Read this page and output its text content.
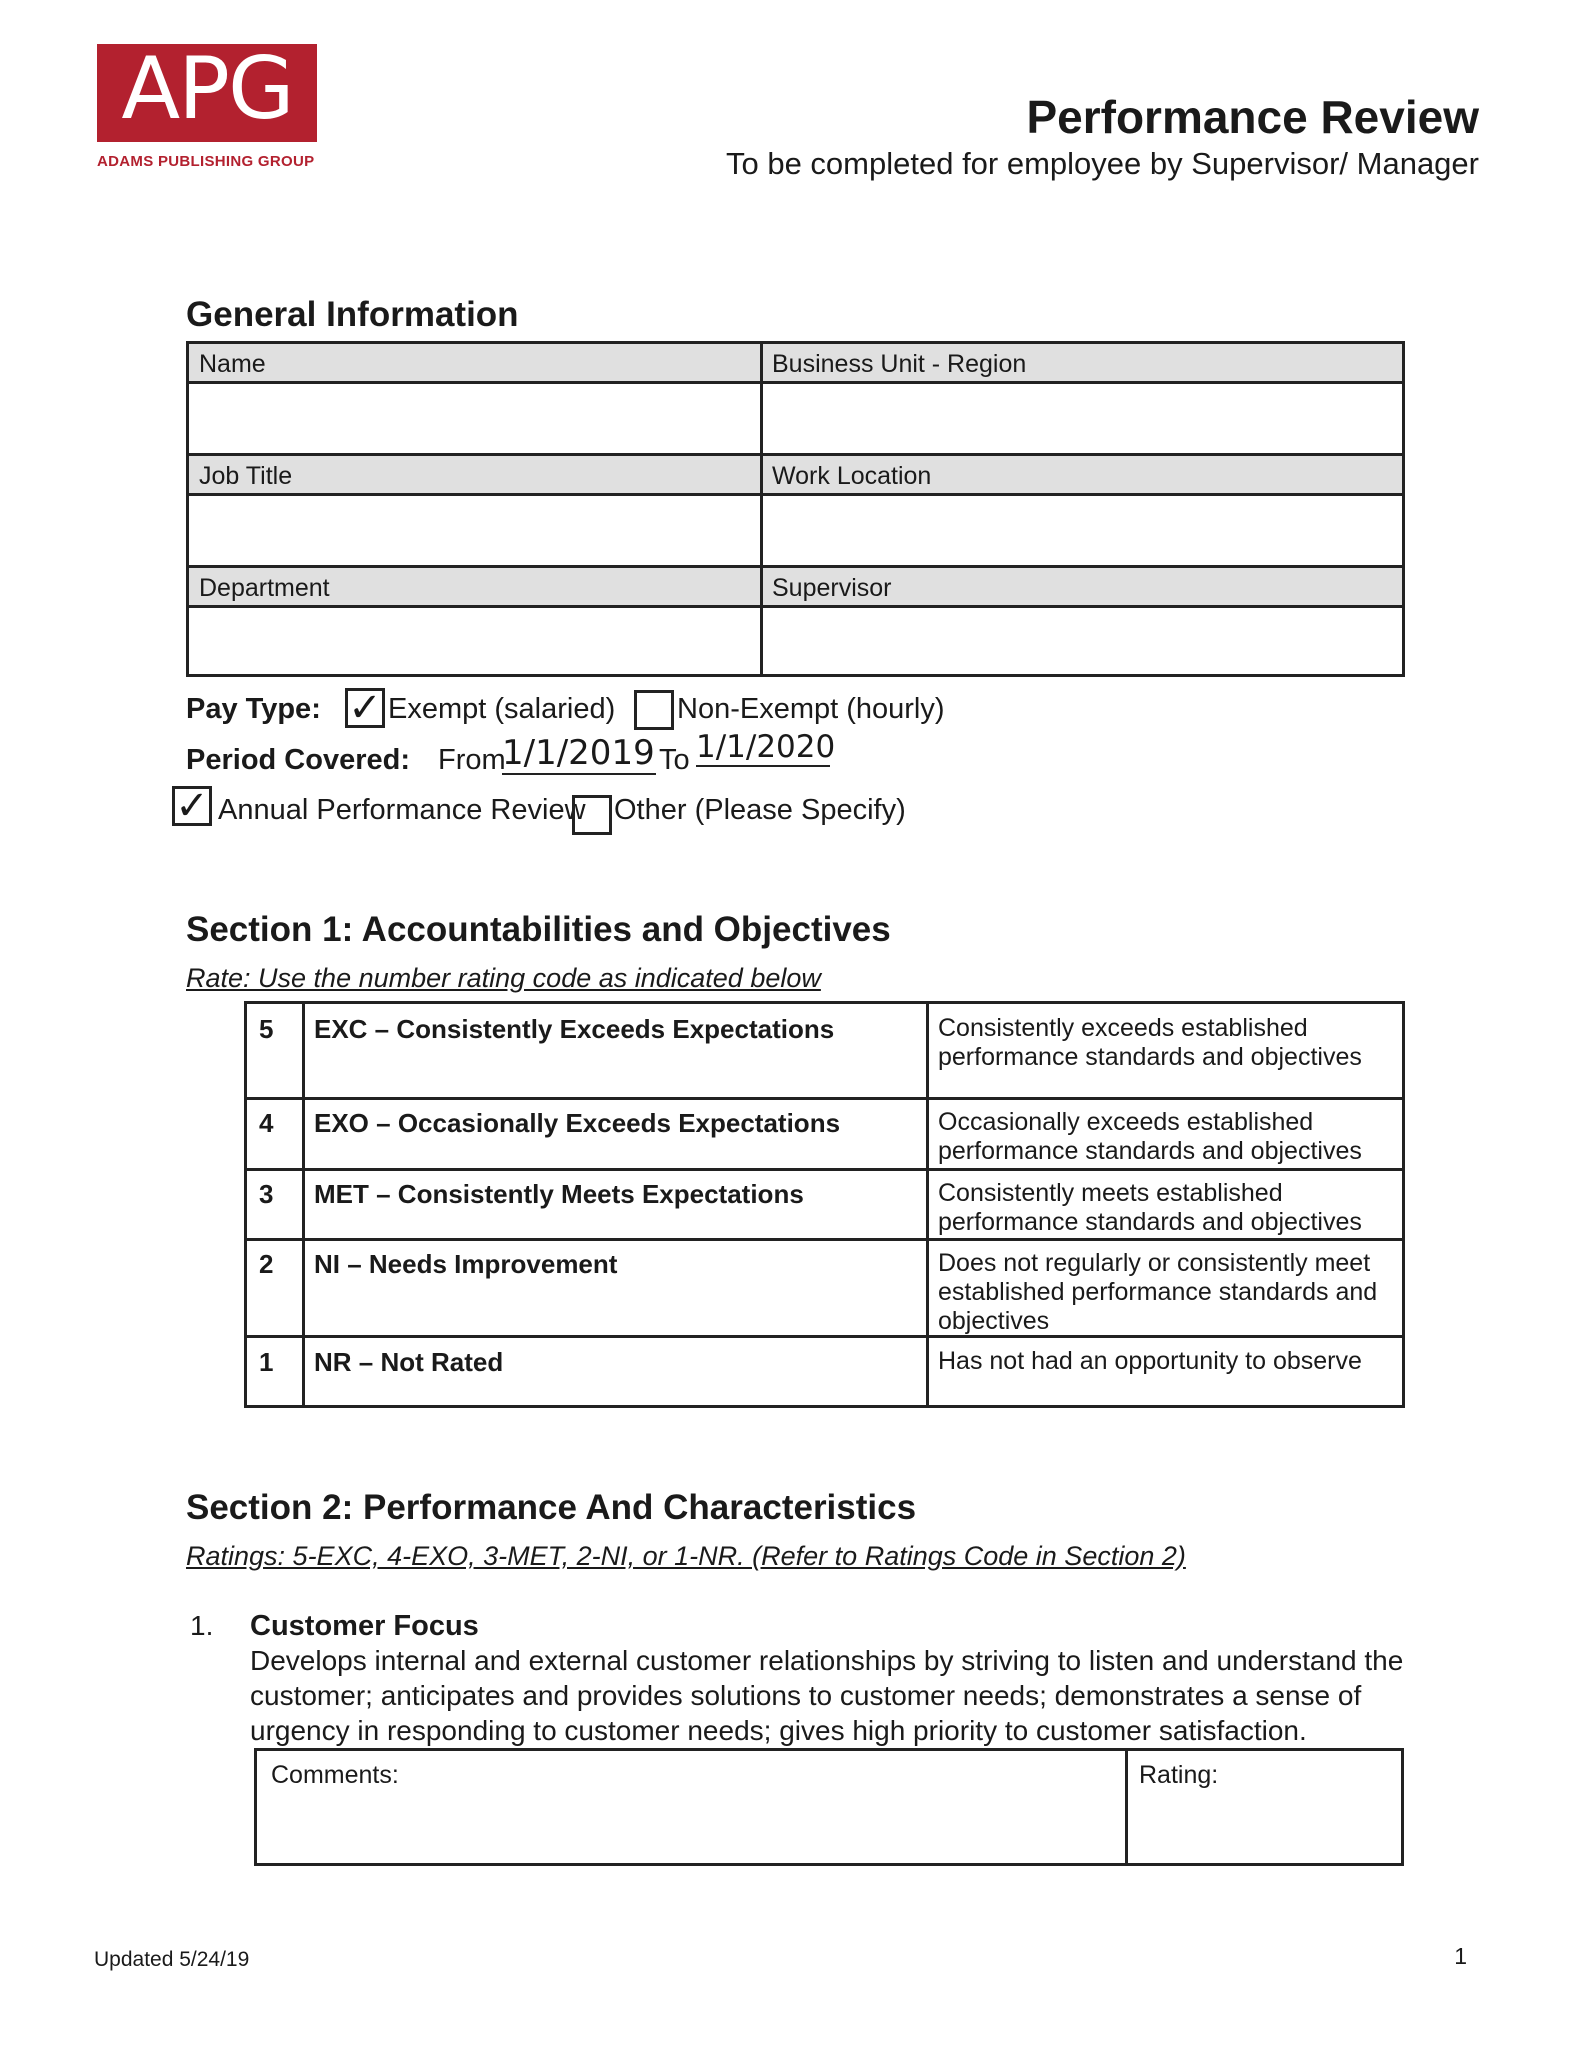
APG
ADAMS PUBLISHING GROUP
Performance Review
To be completed for employee by Supervisor/ Manager
General Information
Name	Business Unit - Region
Job Title	Work Location
Department	Supervisor
Pay Type: ✓ Exempt (salaried) Non-Exempt (hourly)
Period Covered: From
1/1/2019 To 1/1/2020
✓ Annual Performance Review Other (Please Specify)
Section 1: Accountabilities and Objectives
Rate: Use the number rating code as indicated below
5 EXC – Consistently Exceeds Expectations	Consistently exceeds established performance standards and objectives
4 EXO – Occasionally Exceeds Expectations	Occasionally exceeds established performance standards and objectives
3 MET – Consistently Meets Expectations	Consistently meets established performance standards and objectives
2 NI – Needs Improvement	Does not regularly or consistently meet established performance standards and objectives
1 NR – Not Rated	Has not had an opportunity to observe
Section 2: Performance And Characteristics
Ratings: 5-EXC, 4-EXO, 3-MET, 2-NI, or 1-NR. (Refer to Ratings Code in Section 2)
1. Customer Focus
Develops internal and external customer relationships by striving to listen and understand the customer; anticipates and provides solutions to customer needs; demonstrates a sense of urgency in responding to customer needs; gives high priority to customer satisfaction.
Comments:	Rating:
Updated 5/24/19	1
